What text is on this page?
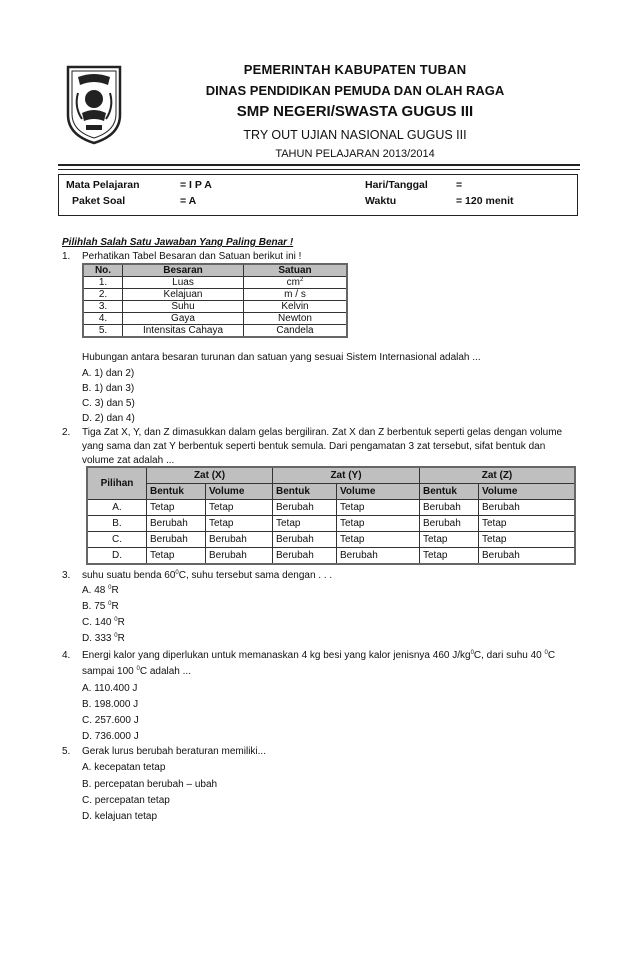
PEMERINTAH KABUPATEN TUBAN
DINAS PENDIDIKAN PEMUDA DAN OLAH RAGA
SMP NEGERI/SWASTA GUGUS III
TRY OUT UJIAN NASIONAL GUGUS III
TAHUN PELAJARAN 2013/2014
Mata Pelajaran	= I P A
Paket Soal	= A
Hari/Tanggal	=
Waktu	= 120 menit
Pilihlah Salah Satu Jawaban Yang Paling Benar !
1. Perhatikan Tabel Besaran dan Satuan berikut ini !
No.	Besaran	Satuan
1.	Luas	$cm^2$
2.	Kelajuan	m / s
3.	Suhu	Kelvin
4.	Gaya	Newton
5.	Intensitas Cahaya	Candela
Hubungan antara besaran turunan dan satuan yang sesuai Sistem Internasional adalah ...
A. 1) dan 2)
B. 1) dan 3)
C. 3) dan 5)
D. 2) dan 4)
2. Tiga Zat X, Y, dan Z dimasukkan dalam gelas bergiliran. Zat X dan Z berbentuk seperti gelas dengan volume
yang sama dan zat Y berbentuk seperti bentuk semula. Dari pengamatan 3 zat tersebut, sifat bentuk dan
volume zat adalah ...
Pilihan	Zat (X)		Zat (Y)		Zat (Z)	
	Bentuk	Volume	Bentuk	Volume	Bentuk	Volume
A.	Tetap	Tetap	Berubah	Tetap	Berubah	Berubah
B.	Berubah	Tetap	Tetap	Tetap	Berubah	Tetap
C.	Berubah	Berubah	Berubah	Tetap	Tetap	Tetap
D.	Tetap	Berubah	Berubah	Berubah	Tetap	Berubah
3. suhu suatu benda $60^0C$, suhu tersebut sama dengan . . .
A. 48 $^0$R
B. 75 $^0$R
C. 140 $^0$R
D. 333 $^0$R
4. Energi kalor yang diperlukan untuk memanaskan 4 kg besi yang kalor jenisnya 460 $J/kg^0C$, dari suhu 40 $^0$C
sampai 100 $^0$C adalah ...
A. 110.400 J
B. 198.000 J
C. 257.600 J
D. 736.000 J
5. Gerak lurus berubah beraturan memiliki...
A. kecepatan tetap
B. percepatan berubah – ubah
C. percepatan tetap
D. kelajuan tetap
